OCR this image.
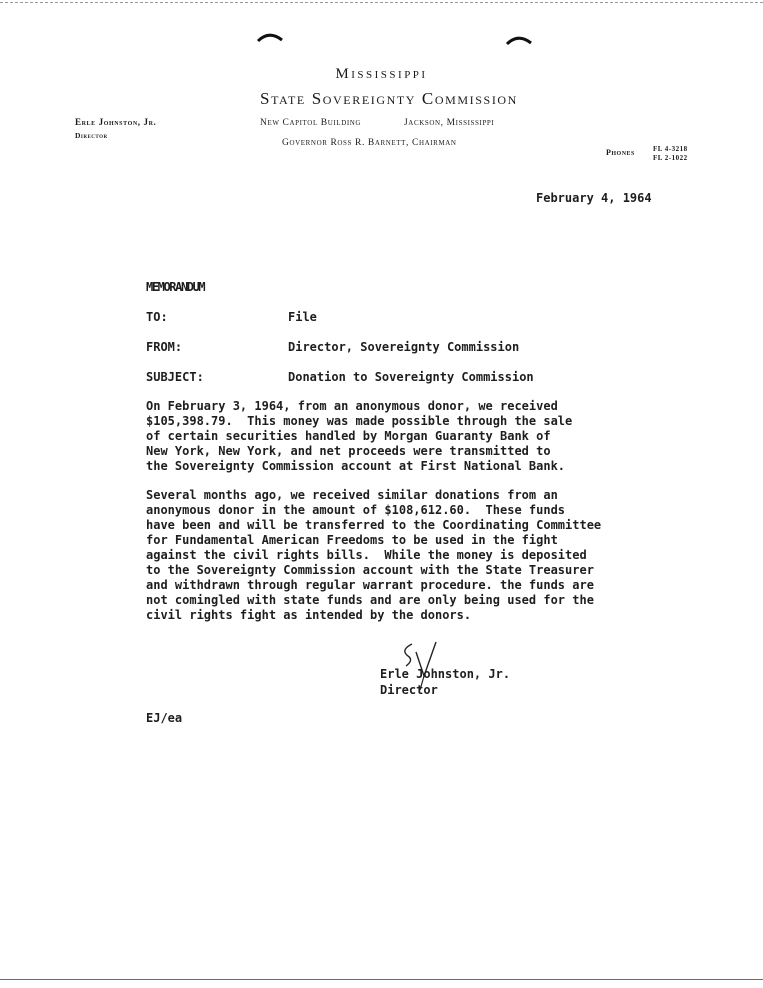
Mississippi
State Sovereignty Commission
Erle Johnston, Jr.
Director
New Capitol Building	Jackson, Mississippi
Governor Ross R. Barnett, Chairman
Phones	FL 4-3218
FL 2-1022
February 4, 1964
MEMORANDUM
TO:	File
FROM:	Director, Sovereignty Commission
SUBJECT:	Donation to Sovereignty Commission
On February 3, 1964, from an anonymous donor, we received
$105,398.79.  This money was made possible through the sale
of certain securities handled by Morgan Guaranty Bank of
New York, New York, and net proceeds were transmitted to
the Sovereignty Commission account at First National Bank.
Several months ago, we received similar donations from an
anonymous donor in the amount of $108,612.60.  These funds
have been and will be transferred to the Coordinating Committee
for Fundamental American Freedoms to be used in the fight
against the civil rights bills.  While the money is deposited
to the Sovereignty Commission account with the State Treasurer
and withdrawn through regular warrant procedure. the funds are
not comingled with state funds and are only being used for the
civil rights fight as intended by the donors.
Erle Johnston, Jr.
Director
EJ/ea
